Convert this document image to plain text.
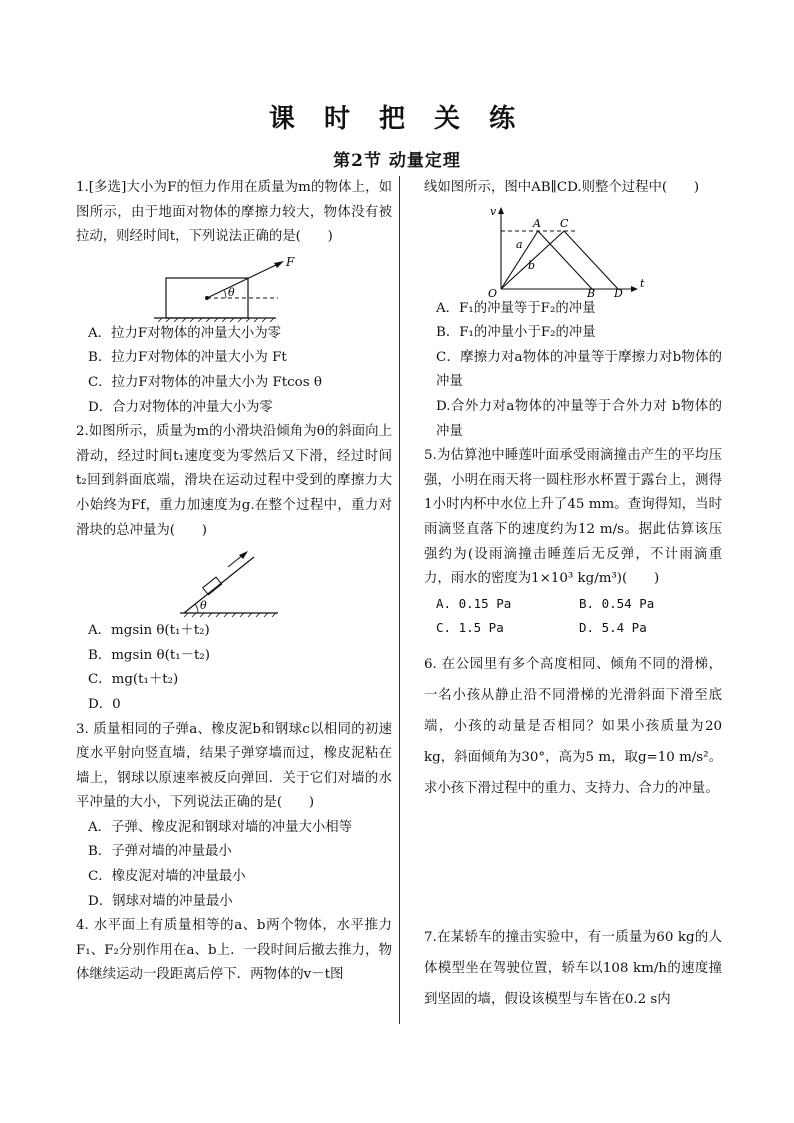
课 时 把 关 练
第2节 动量定理

1.[多选]大小为F的恒力作用在质量为m的物体上，如图所示，由于地面对物体的摩擦力较大，物体没有被拉动，则经时间t，下列说法正确的是(　　)

F
θ

A．拉力F对物体的冲量大小为零

B．拉力F对物体的冲量大小为 Ft

C．拉力F对物体的冲量大小为 Ftcos θ

D．合力对物体的冲量大小为零

2.如图所示，质量为m的小滑块沿倾角为θ的斜面向上滑动，经过时间t₁速度变为零然后又下滑，经过时间t₂回到斜面底端，滑块在运动过程中受到的摩擦力大小始终为Ff，重力加速度为g.在整个过程中，重力对滑块的总冲量为(　　)

θ

A．mgsin θ(t₁＋t₂)

B．mgsin θ(t₁－t₂)

C．mg(t₁＋t₂)

D．0

3. 质量相同的子弹a、橡皮泥b和钢球c以相同的初速度水平射向竖直墙，结果子弹穿墙而过，橡皮泥粘在墙上，钢球以原速率被反向弹回．关于它们对墙的水平冲量的大小，下列说法正确的是(　　)

A．子弹、橡皮泥和钢球对墙的冲量大小相等

B．子弹对墙的冲量最小

C．橡皮泥对墙的冲量最小

D．钢球对墙的冲量最小

4. 水平面上有质量相等的a、b两个物体，水平推力F₁、F₂分别作用在a、b上．一段时间后撤去推力，物体继续运动一段距离后停下．两物体的v－t图

线如图所示，图中AB∥CD.则整个过程中(　　)

v
t
O
A C
B D
a
b

A．F₁的冲量等于F₂的冲量

B．F₁的冲量小于F₂的冲量

C．摩擦力对a物体的冲量等于摩擦力对b物体的冲量

D.合外力对a物体的冲量等于合外力对 b物体的冲量

5.为估算池中睡莲叶面承受雨滴撞击产生的平均压强，小明在雨天将一圆柱形水杯置于露台上，测得1小时内杯中水位上升了45 mm。查询得知，当时雨滴竖直落下的速度约为12 m/s。据此估算该压强约为(设雨滴撞击睡莲后无反弹，不计雨滴重力，雨水的密度为1×10³ kg/m³)(　　)

A. 0.15 Pa	B. 0.54 Pa
C. 1.5 Pa	D. 5.4 Pa

6. 在公园里有多个高度相同、倾角不同的滑梯，一名小孩从静止沿不同滑梯的光滑斜面下滑至底端，小孩的动量是否相同？如果小孩质量为20 kg，斜面倾角为30°，高为5 m，取g=10 m/s²。求小孩下滑过程中的重力、支持力、合力的冲量。

7.在某轿车的撞击实验中，有一质量为60 kg的人体模型坐在驾驶位置，轿车以108 km/h的速度撞到坚固的墙，假设该模型与车皆在0.2 s内
